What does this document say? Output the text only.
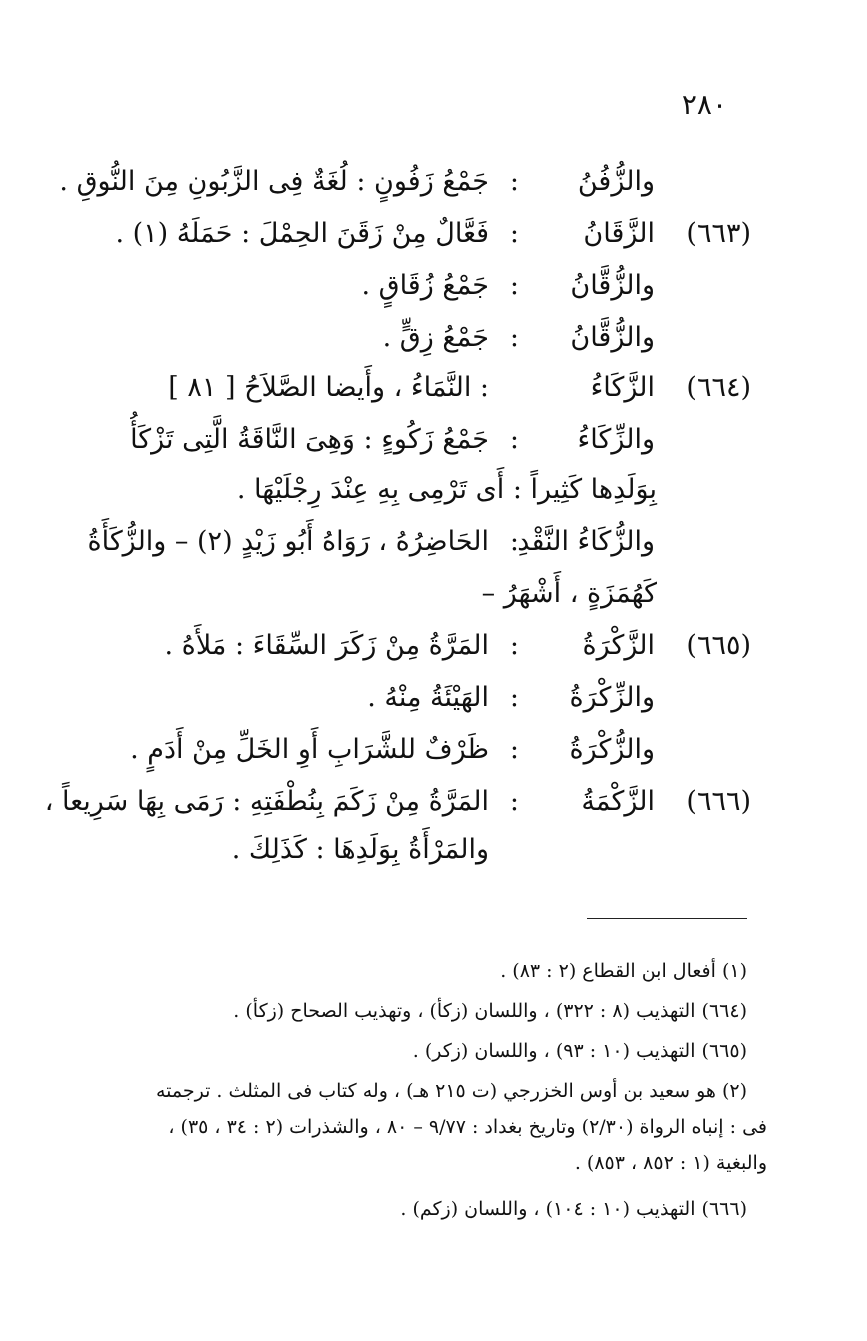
٢٨٠
والزُّفُنُ
:
جَمْعُ زَفُونٍ : لُغَةٌ فِى الزَّبُونِ مِنَ النُّوقِ .
(٦٦٣)
الزَّقَانُ
:
فَعَّالٌ مِنْ زَقَنَ الحِمْلَ : حَمَلَهُ (١) .
والزُّقَّانُ
:
جَمْعُ زُقَاقٍ .
والزُّقَّانُ
:
جَمْعُ زِقٍّ .
(٦٦٤)
الزَّكَاءُ
: النَّمَاءُ ، وأَيضا الصَّلاَحُ [ ٨١ ]
والزِّكَاءُ
:
جَمْعُ زَكُوءٍ : وَهِىَ النَّاقَةُ الَّتِى تَزْكَأُ
بِوَلَدِها كَثِيراً : أَى تَرْمِى بِهِ عِنْدَ رِجْلَيْهَا .
والزُّكَاءُ النَّقْدِ
:
الحَاضِرُهُ ، رَوَاهُ أَبُو زَيْدٍ (٢) – والزُّكَأَةُ
كَهُمَزَةٍ ، أَشْهَرُ –
(٦٦٥)
الزَّكْرَةُ
:
المَرَّةُ مِنْ زَكَرَ السِّقَاءَ : مَلأَهُ .
والزِّكْرَةُ
:
الهَيْئَةُ مِنْهُ .
والزُّكْرَةُ
:
ظَرْفٌ للشَّرَابِ أَوِ الخَلِّ مِنْ أَدَمٍ .
(٦٦٦)
الزَّكْمَةُ
:
المَرَّةُ مِنْ زَكَمَ بِنُطْفَتِهِ : رَمَى بِهَا سَرِيعاً ،
والمَرْأَةُ بِوَلَدِهَا : كَذَلِكَ .
(١) أفعال ابن القطاع (٢ : ٨٣) .
(٦٦٤) التهذيب (٨ : ٣٢٢) ، واللسان (زكأ) ، وتهذيب الصحاح (زكأ) .
(٦٦٥) التهذيب (١٠ : ٩٣) ، واللسان (زكر) .
(٢) هو سعيد بن أوس الخزرجي (ت ٢١٥ هـ) ، وله كتاب فى المثلث . ترجمته
فى : إنباه الرواة (٢/٣٠) وتاريخ بغداد : ٩/٧٧ – ٨٠ ، والشذرات (٢ : ٣٤ ، ٣٥) ،
والبغية (١ : ٨٥٢ ، ٨٥٣) .
(٦٦٦) التهذيب (١٠ : ١٠٤) ، واللسان (زكم) .
